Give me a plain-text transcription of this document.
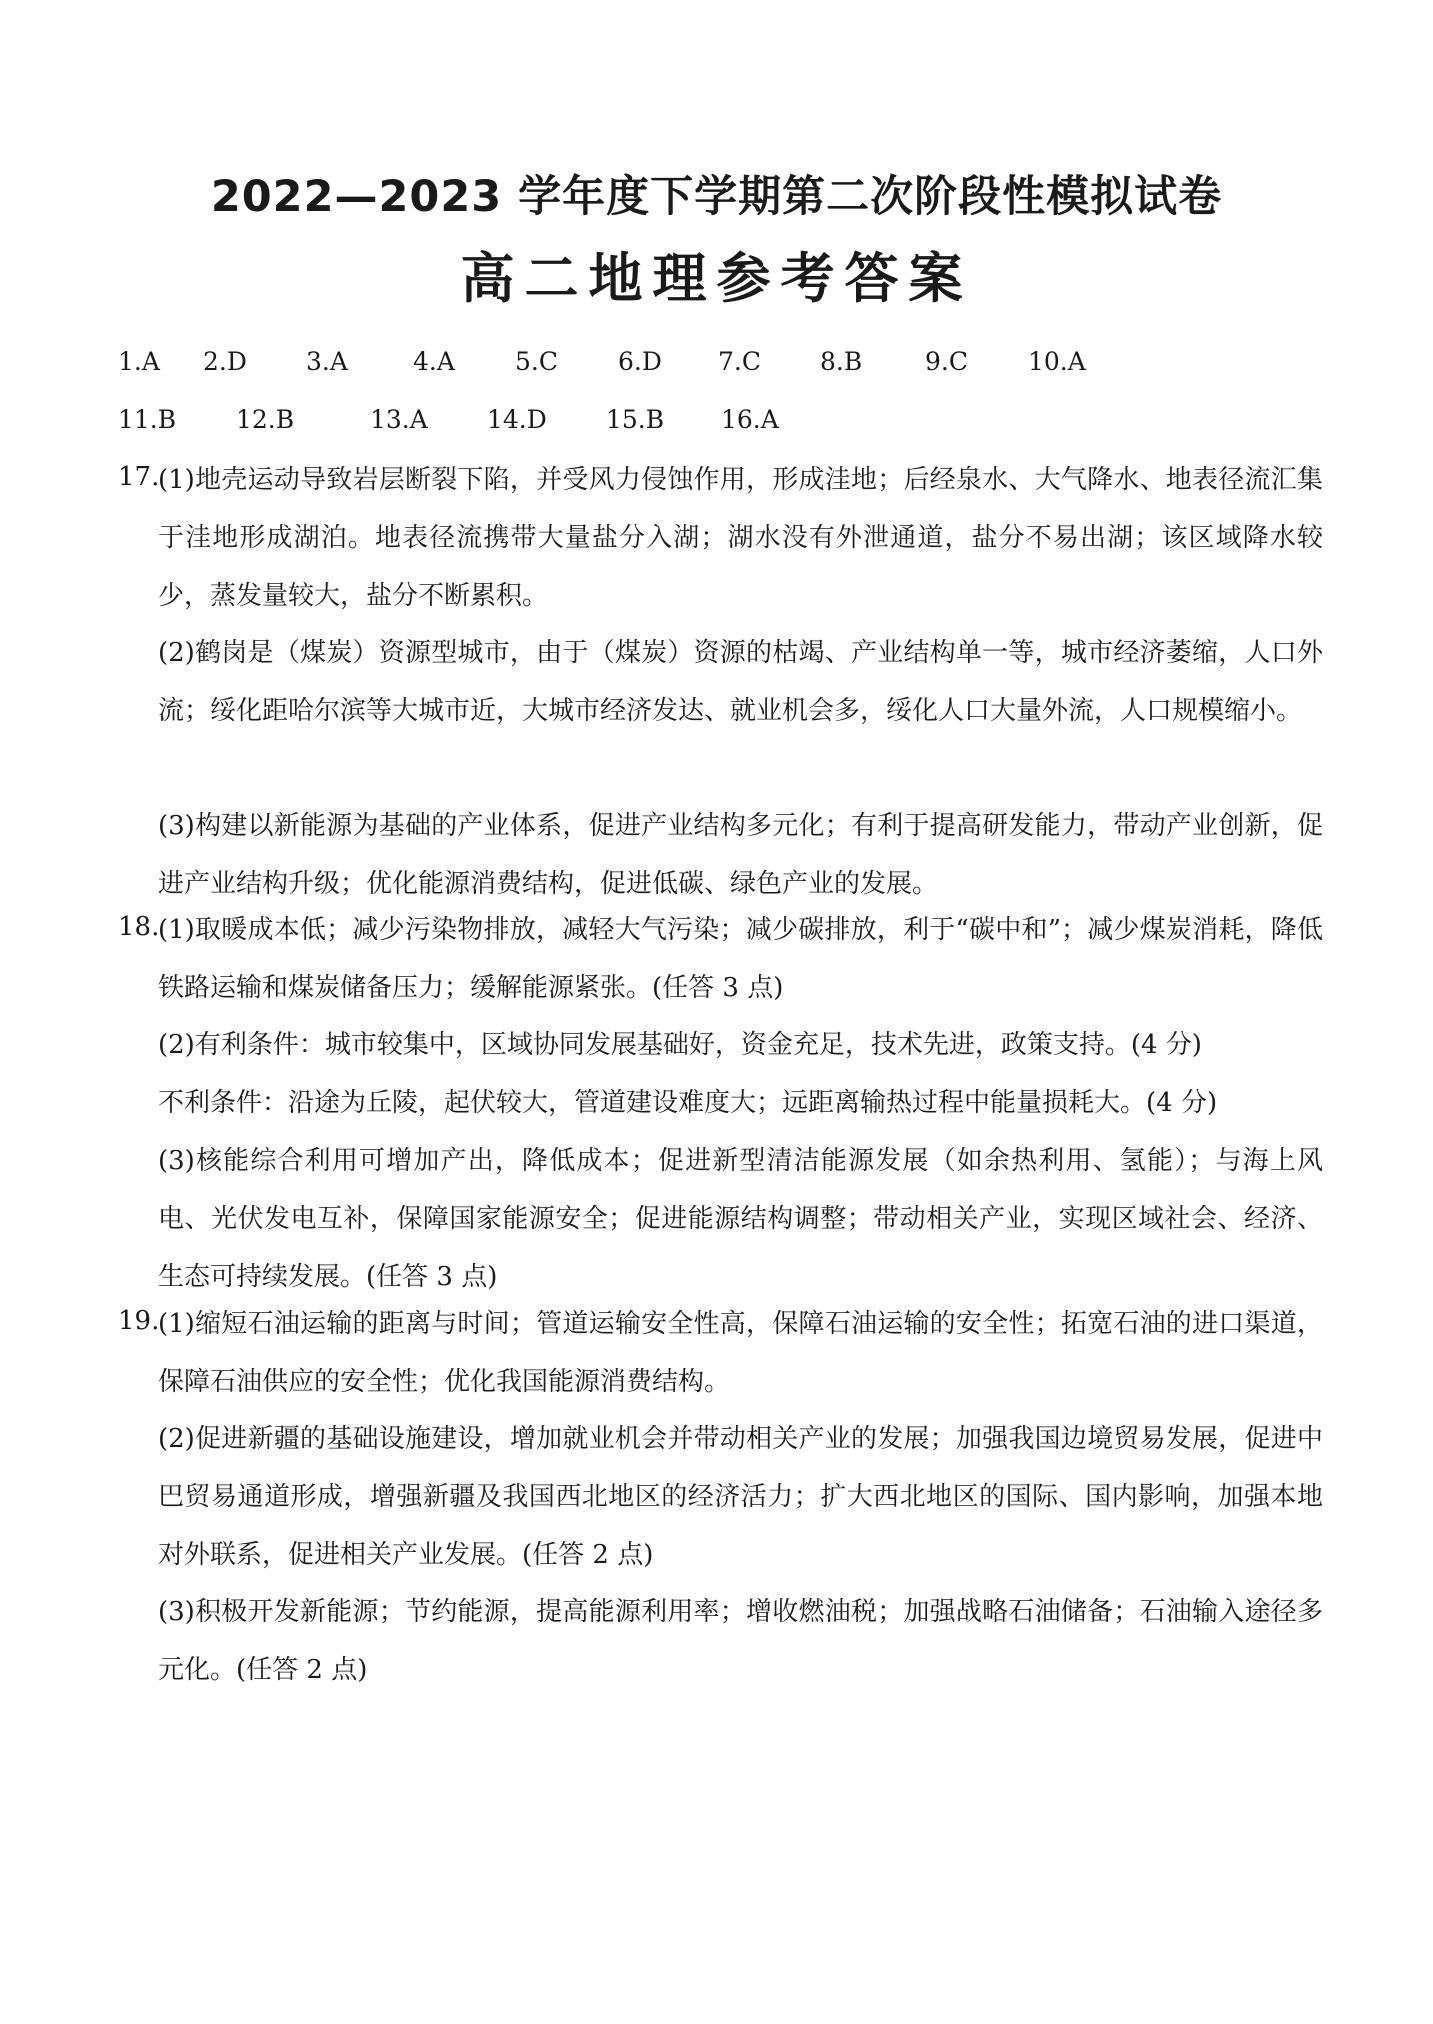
2022—2023 学年度下学期第二次阶段性模拟试卷
高二地理参考答案
1.A 2.D 3.A	4.A 5.C 6.D 7.C 8.B	9.C 10.A
11.B 12.B	13.A 14.D 15.B 16.A
17.
(1)地壳运动导致岩层断裂下陷，并受风力侵蚀作用，形成洼地；后经泉水、大气降水、地表径流汇集于洼地形成湖泊。地表径流携带大量盐分入湖；湖水没有外泄通道，盐分不易出湖；该区域降水较少，蒸发量较大，盐分不断累积。
(2)鹤岗是（煤炭）资源型城市，由于（煤炭）资源的枯竭、产业结构单一等，城市经济萎缩，人口外流；绥化距哈尔滨等大城市近，大城市经济发达、就业机会多，绥化人口大量外流，人口规模缩小。
(3)构建以新能源为基础的产业体系，促进产业结构多元化；有利于提高研发能力，带动产业创新，促进产业结构升级；优化能源消费结构，促进低碳、绿色产业的发展。
18.
(1)取暖成本低；减少污染物排放，减轻大气污染；减少碳排放，利于“碳中和”；减少煤炭消耗，降低铁路运输和煤炭储备压力；缓解能源紧张。(任答 3 点)
(2)有利条件：城市较集中，区域协同发展基础好，资金充足，技术先进，政策支持。(4 分)
不利条件：沿途为丘陵，起伏较大，管道建设难度大；远距离输热过程中能量损耗大。(4 分)
(3)核能综合利用可增加产出，降低成本；促进新型清洁能源发展（如余热利用、氢能）；与海上风电、光伏发电互补，保障国家能源安全；促进能源结构调整；带动相关产业，实现区域社会、经济、生态可持续发展。(任答 3 点)
19.
(1)缩短石油运输的距离与时间；管道运输安全性高，保障石油运输的安全性；拓宽石油的进口渠道，保障石油供应的安全性；优化我国能源消费结构。
(2)促进新疆的基础设施建设，增加就业机会并带动相关产业的发展；加强我国边境贸易发展，促进中巴贸易通道形成，增强新疆及我国西北地区的经济活力；扩大西北地区的国际、国内影响，加强本地对外联系，促进相关产业发展。(任答 2 点)
(3)积极开发新能源；节约能源，提高能源利用率；增收燃油税；加强战略石油储备；石油输入途径多元化。(任答 2 点)
